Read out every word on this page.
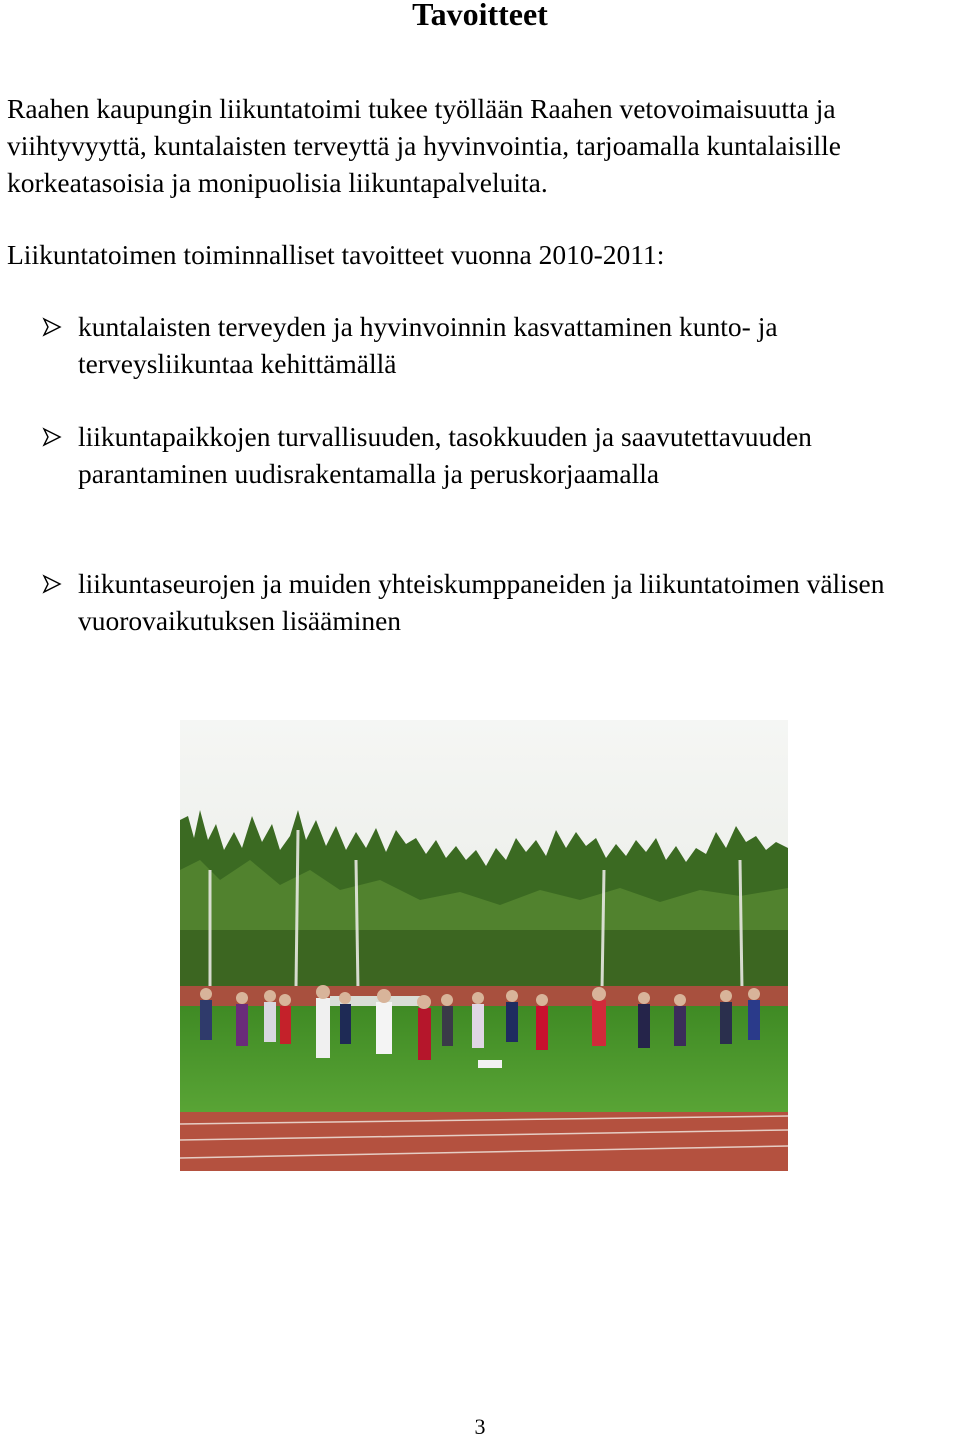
Tavoitteet

Raahen kaupungin liikuntatoimi tukee työllään Raahen vetovoimaisuutta ja viihtyvyyttä, kuntalaisten terveyttä ja hyvinvointia, tarjoamalla kuntalaisille korkeatasoisia ja monipuolisia liikuntapalveluita.

Liikuntatoimen toiminnalliset tavoitteet vuonna 2010-2011:

kuntalaisten terveyden ja hyvinvoinnin kasvattaminen kunto- ja terveysliikuntaa kehittämällä
liikuntapaikkojen turvallisuuden, tasokkuuden ja saavutettavuuden parantaminen uudisrakentamalla ja peruskorjaamalla
liikuntaseurojen ja muiden yhteiskumppaneiden ja liikuntatoimen välisen vuorovaikutuksen lisääminen
3
